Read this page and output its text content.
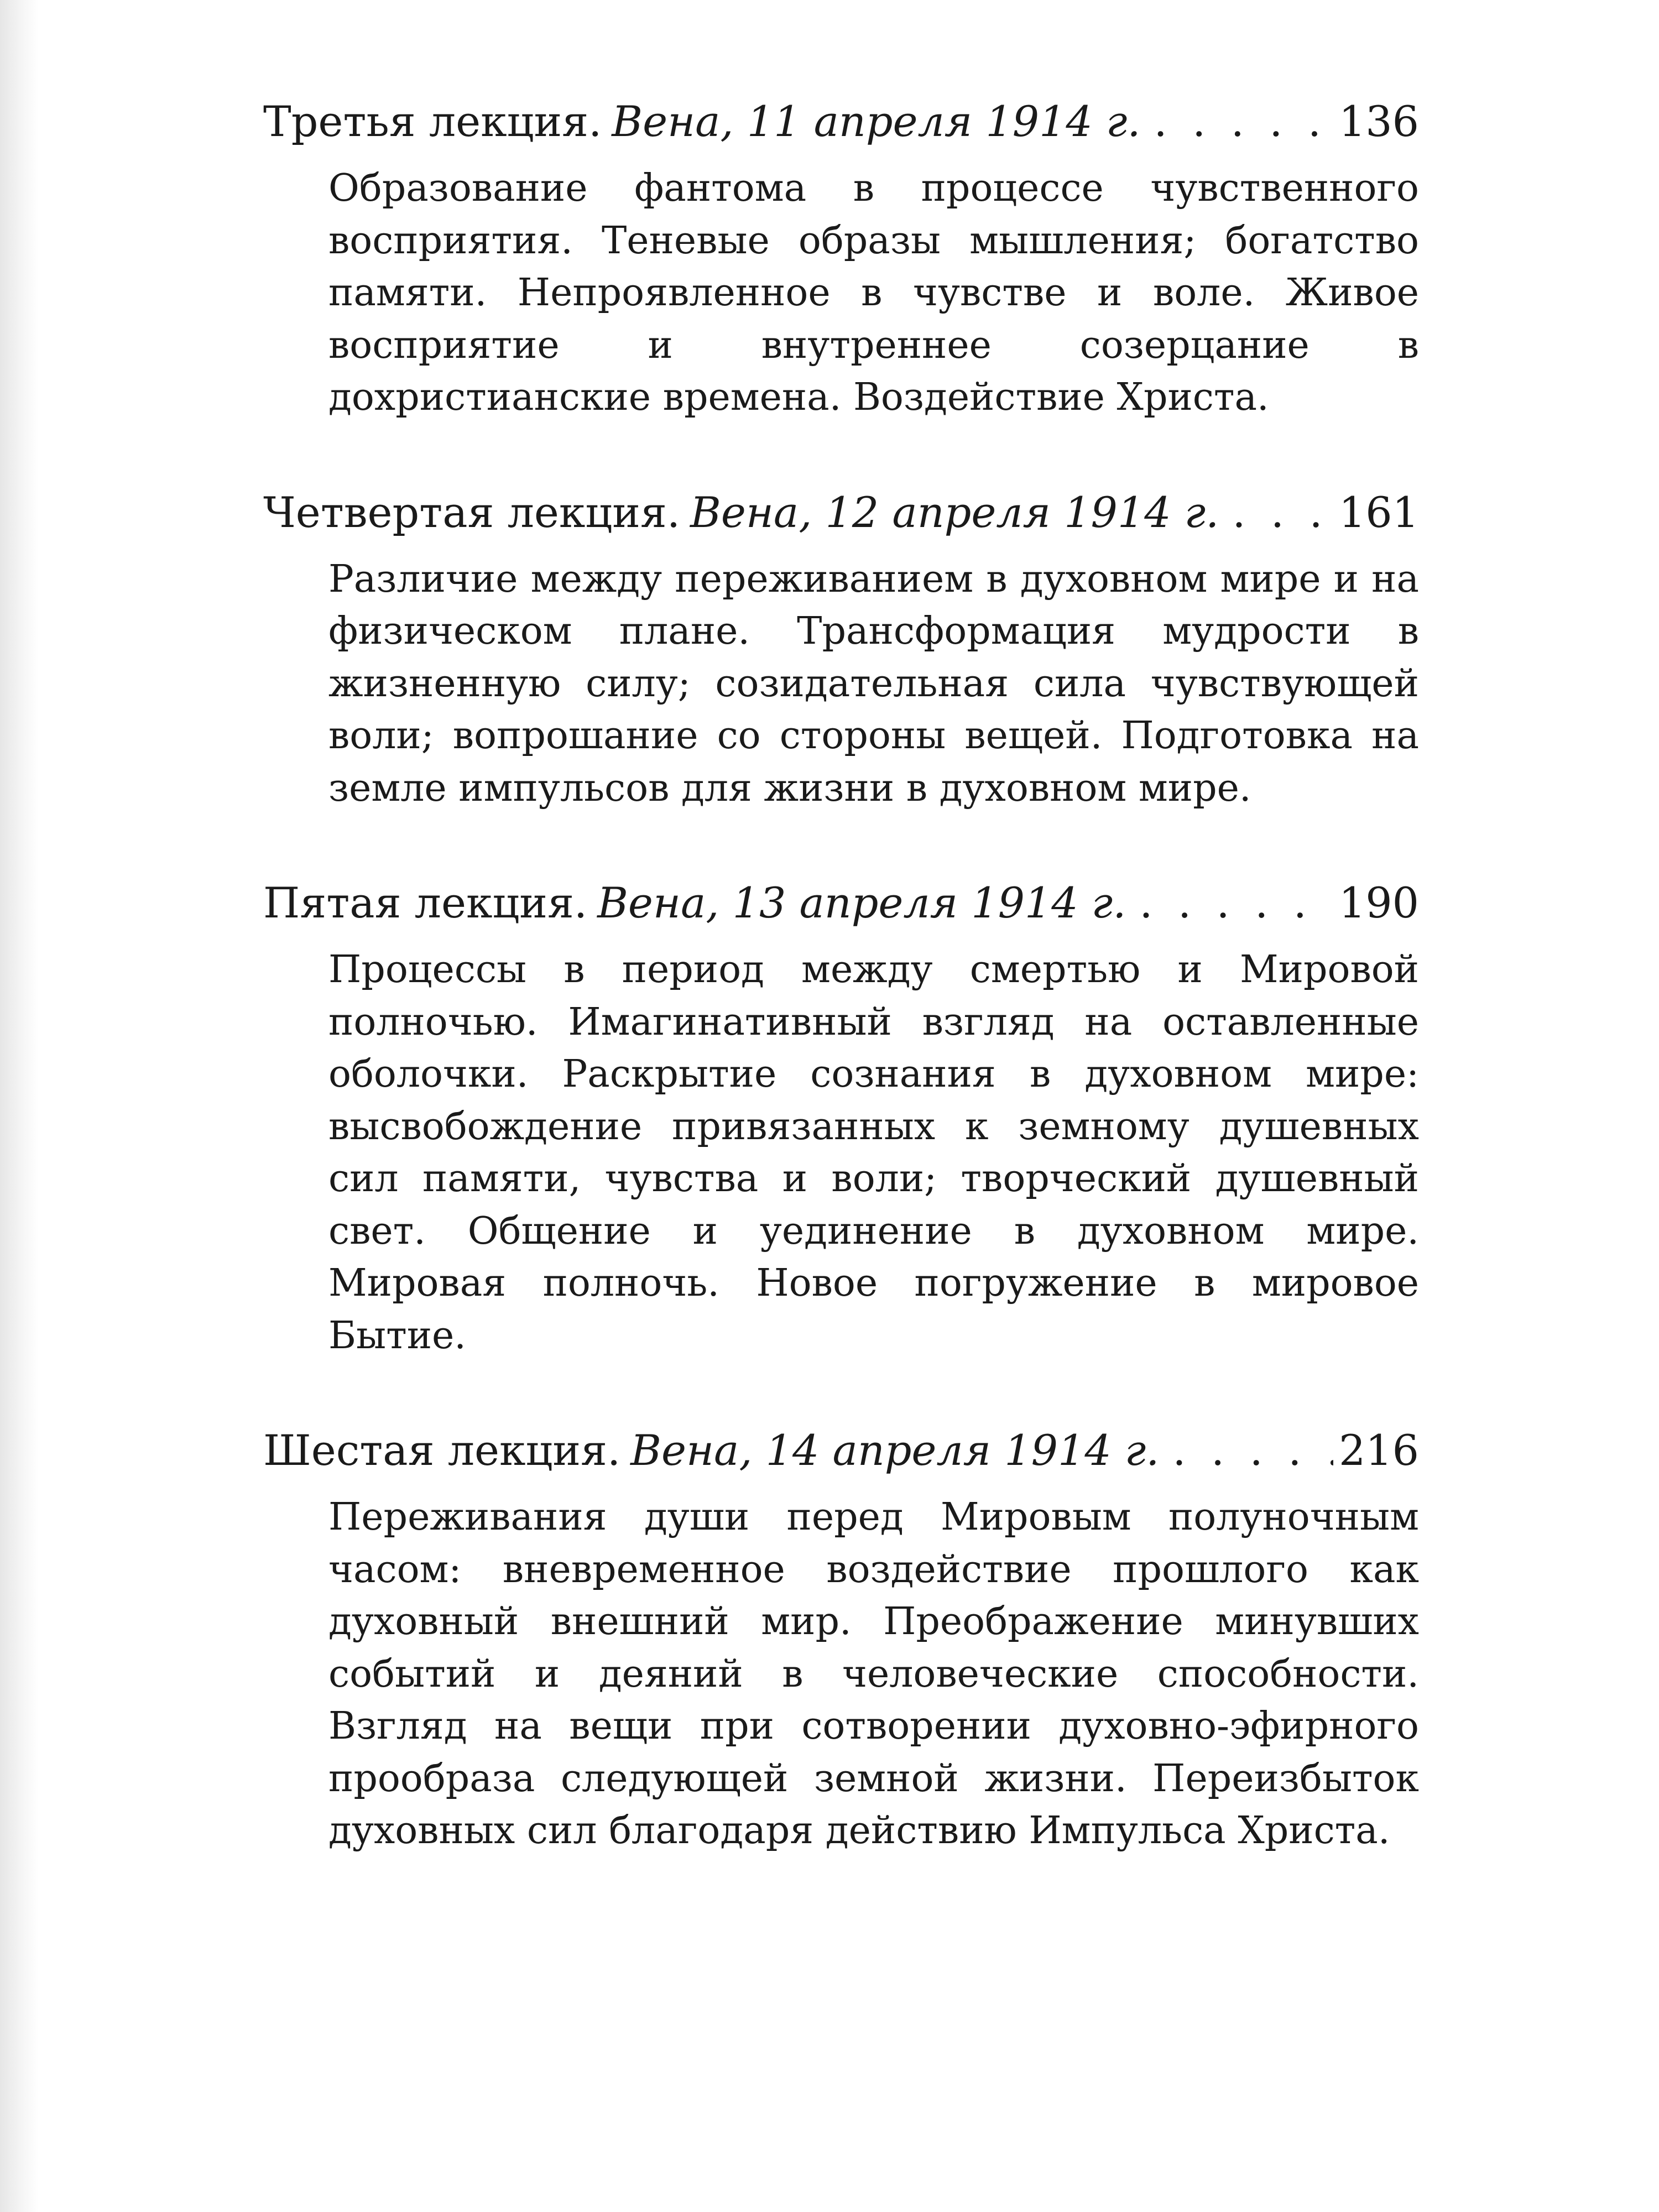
Третья лекция. Вена, 11 апреля 1914 г. . . .	136

Образование фантома в процессе чувственного восприятия. Теневые образы мышления; богатство памяти. Непроявленное в чувстве и воле. Живое восприятие и внутреннее созерцание в дохристианские времена. Воздействие Христа.

Четвертая лекция. Вена, 12 апреля 1914 г. . . .	161

Различие между переживанием в духовном мире и на физическом плане. Трансформация мудрости в жизненную силу; созидательная сила чувствующей воли; вопрошание со стороны вещей. Подготовка на земле импульсов для жизни в духовном мире.

Пятая лекция. Вена, 13 апреля 1914 г. . . .	190

Процессы в период между смертью и Мировой полночью. Имагинативный взгляд на оставленные оболочки. Раскрытие сознания в духовном мире: высвобождение привязанных к земному душевных сил памяти, чувства и воли; творческий душевный свет. Общение и уединение в духовном мире. Мировая полночь. Новое погружение в мировое Бытие.

Шестая лекция. Вена, 14 апреля 1914 г. . . .	216

Переживания души перед Мировым полуночным часом: вневременное воздействие прошлого как духовный внешний мир. Преображение минувших событий и деяний в человеческие способности. Взгляд на вещи при сотворении духовно-эфирного прообраза следующей земной жизни. Переизбыток духовных сил благодаря действию Импульса Христа.
